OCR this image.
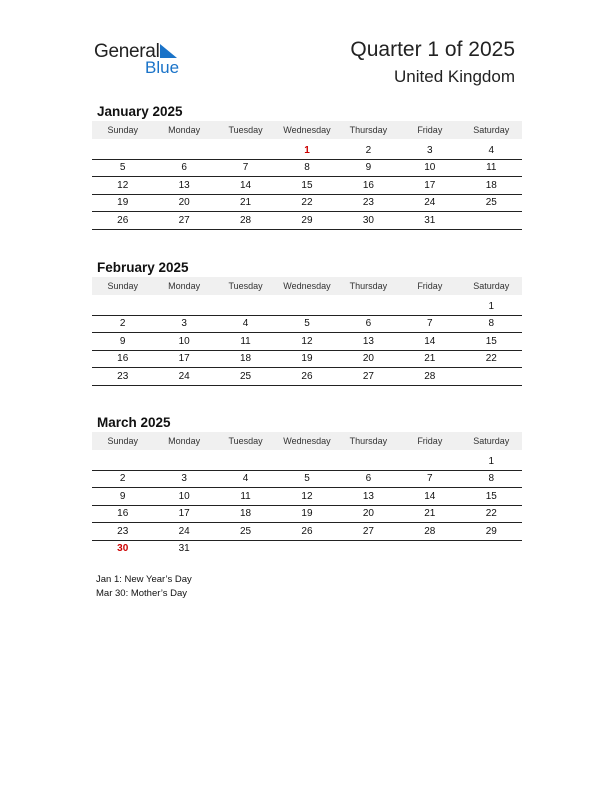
General
Blue
Quarter 1 of 2025
United Kingdom
January 2025
Sunday	Monday	Tuesday	Wednesday	Thursday	Friday	Saturday

			1	2	3	4
5	6	7	8	9	10	11
12	13	14	15	16	17	18
19	20	21	22	23	24	25
26	27	28	29	30	31	
February 2025
Sunday	Monday	Tuesday	Wednesday	Thursday	Friday	Saturday

						1
2	3	4	5	6	7	8
9	10	11	12	13	14	15
16	17	18	19	20	21	22
23	24	25	26	27	28	
March 2025
Sunday	Monday	Tuesday	Wednesday	Thursday	Friday	Saturday

						1
2	3	4	5	6	7	8
9	10	11	12	13	14	15
16	17	18	19	20	21	22
23	24	25	26	27	28	29
30	31					
Jan 1: New Year’s Day
Mar 30: Mother’s Day
